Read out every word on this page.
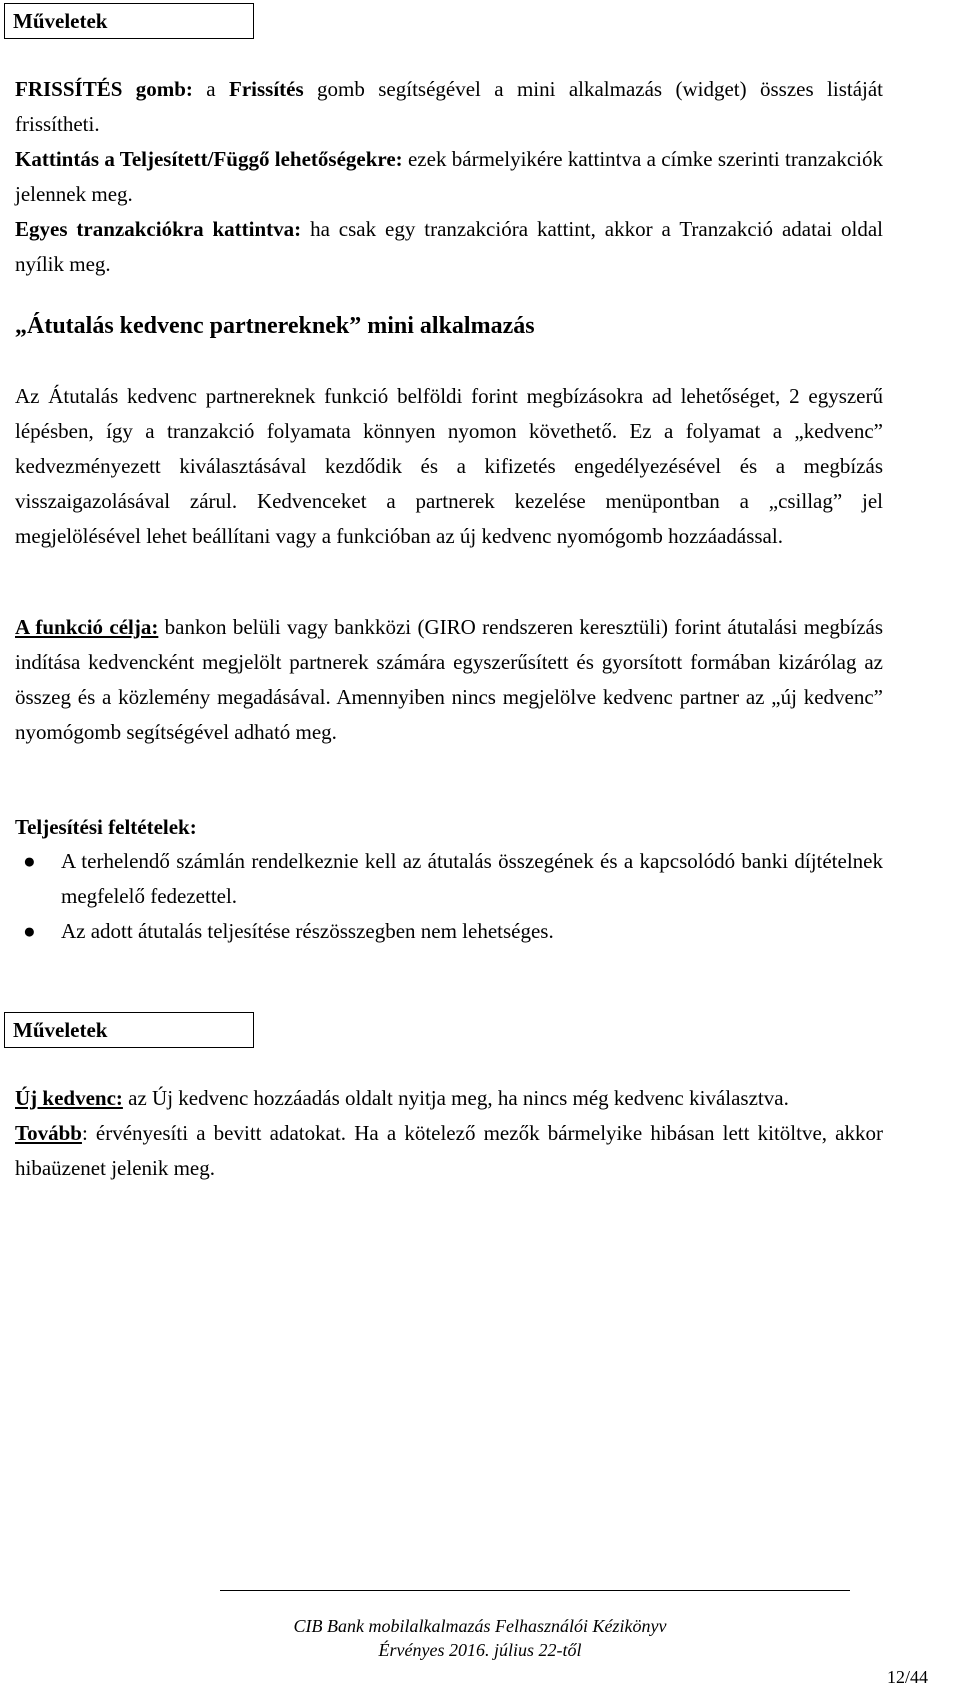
Műveletek

FRISSÍTÉS gomb: a Frissítés gomb segítségével a mini alkalmazás (widget) összes listáját frissítheti.

Kattintás a Teljesített/Függő lehetőségekre: ezek bármelyikére kattintva a címke szerinti tranzakciók jelennek meg.

Egyes tranzakciókra kattintva: ha csak egy tranzakcióra kattint, akkor a Tranzakció adatai oldal nyílik meg.

„Átutalás kedvenc partnereknek” mini alkalmazás

Az Átutalás kedvenc partnereknek funkció belföldi forint megbízásokra ad lehetőséget, 2 egyszerű lépésben, így a tranzakció folyamata könnyen nyomon követhető. Ez a folyamat a „kedvenc” kedvezményezett kiválasztásával kezdődik és a kifizetés engedélyezésével és a megbízás visszaigazolásával zárul. Kedvenceket a partnerek kezelése menüpontban a „csillag” jel megjelölésével lehet beállítani vagy a funkcióban az új kedvenc nyomógomb hozzáadással.

A funkció célja: bankon belüli vagy bankközi (GIRO rendszeren keresztüli) forint átutalási megbízás indítása kedvencként megjelölt partnerek számára egyszerűsített és gyorsított formában kizárólag az összeg és a közlemény megadásával. Amennyiben nincs megjelölve kedvenc partner az „új kedvenc” nyomógomb segítségével adható meg.

Teljesítési feltételek:
● A terhelendő számlán rendelkeznie kell az átutalás összegének és a kapcsolódó banki díjtételnek megfelelő fedezettel.
● Az adott átutalás teljesítése részösszegben nem lehetséges.
Műveletek

Új kedvenc: az Új kedvenc hozzáadás oldalt nyitja meg, ha nincs még kedvenc kiválasztva.

Tovább: érvényesíti a bevitt adatokat. Ha a kötelező mezők bármelyike hibásan lett kitöltve, akkor hibaüzenet jelenik meg.

CIB Bank mobilalkalmazás Felhasználói Kézikönyv
Érvényes 2016. július 22-től
12/44
